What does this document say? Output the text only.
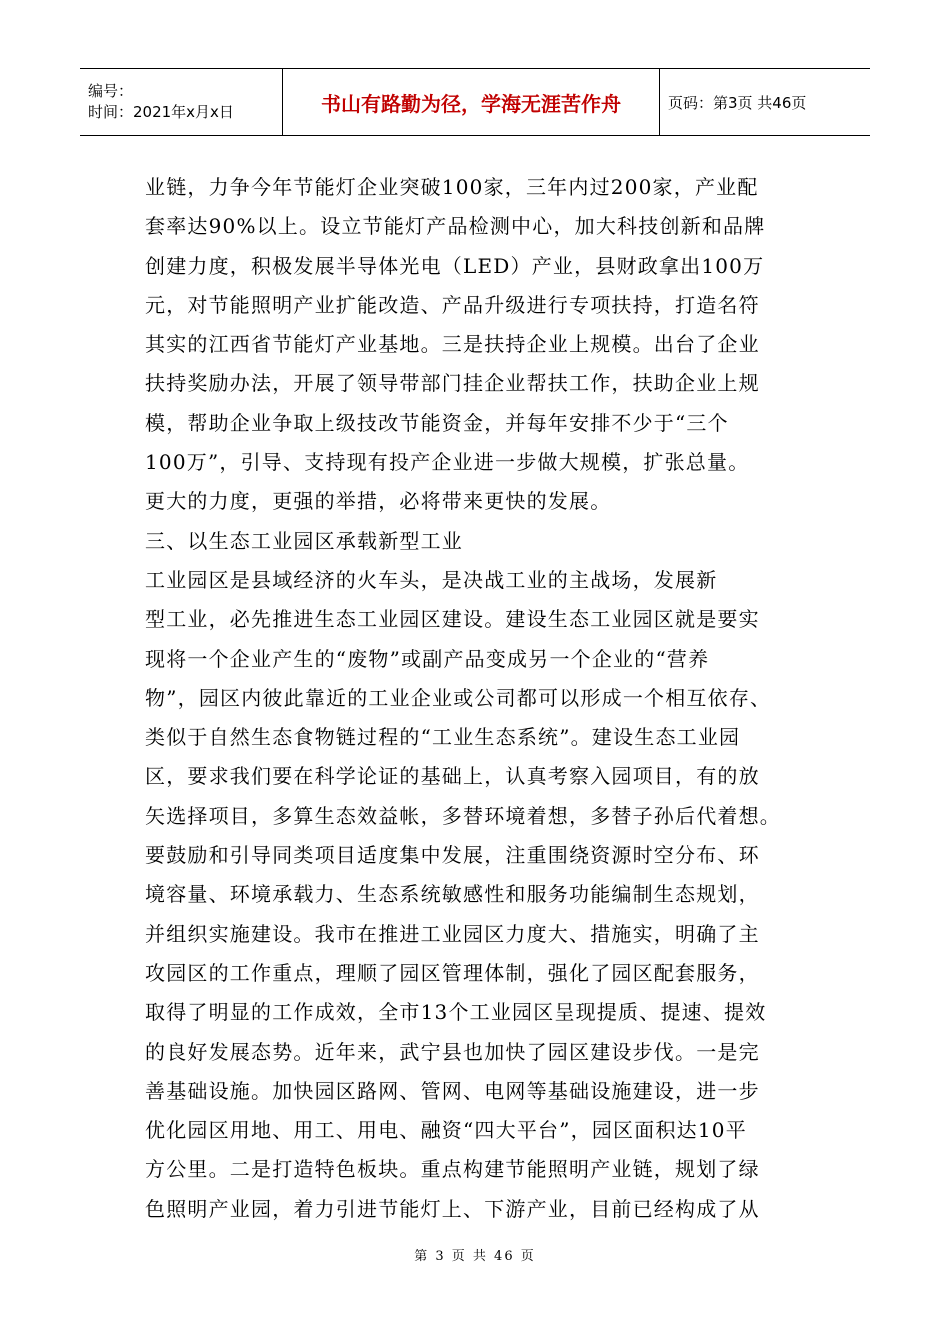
编号：
时间：2021年x月x日	书山有路勤为径，学海无涯苦作舟	页码：第3页 共46页
业链，力争今年节能灯企业突破100家，三年内过200家，产业配
套率达90%以上。设立节能灯产品检测中心，加大科技创新和品牌
创建力度，积极发展半导体光电（LED）产业，县财政拿出100万
元，对节能照明产业扩能改造、产品升级进行专项扶持，打造名符
其实的江西省节能灯产业基地。三是扶持企业上规模。出台了企业
扶持奖励办法，开展了领导带部门挂企业帮扶工作，扶助企业上规
模，帮助企业争取上级技改节能资金，并每年安排不少于“三个
100万”，引导、支持现有投产企业进一步做大规模，扩张总量。
更大的力度，更强的举措，必将带来更快的发展。
三、以生态工业园区承载新型工业
工业园区是县域经济的火车头，是决战工业的主战场，发展新
型工业，必先推进生态工业园区建设。建设生态工业园区就是要实
现将一个企业产生的“废物”或副产品变成另一个企业的“营养
物”，园区内彼此靠近的工业企业或公司都可以形成一个相互依存、
类似于自然生态食物链过程的“工业生态系统”。建设生态工业园
区，要求我们要在科学论证的基础上，认真考察入园项目，有的放
矢选择项目，多算生态效益帐，多替环境着想，多替子孙后代着想。
要鼓励和引导同类项目适度集中发展，注重围绕资源时空分布、环
境容量、环境承载力、生态系统敏感性和服务功能编制生态规划，
并组织实施建设。我市在推进工业园区力度大、措施实，明确了主
攻园区的工作重点，理顺了园区管理体制，强化了园区配套服务，
取得了明显的工作成效，全市13个工业园区呈现提质、提速、提效
的良好发展态势。近年来，武宁县也加快了园区建设步伐。一是完
善基础设施。加快园区路网、管网、电网等基础设施建设，进一步
优化园区用地、用工、用电、融资“四大平台”，园区面积达10平
方公里。二是打造特色板块。重点构建节能照明产业链，规划了绿
色照明产业园，着力引进节能灯上、下游产业，目前已经构成了从
第 3 页 共 46 页
